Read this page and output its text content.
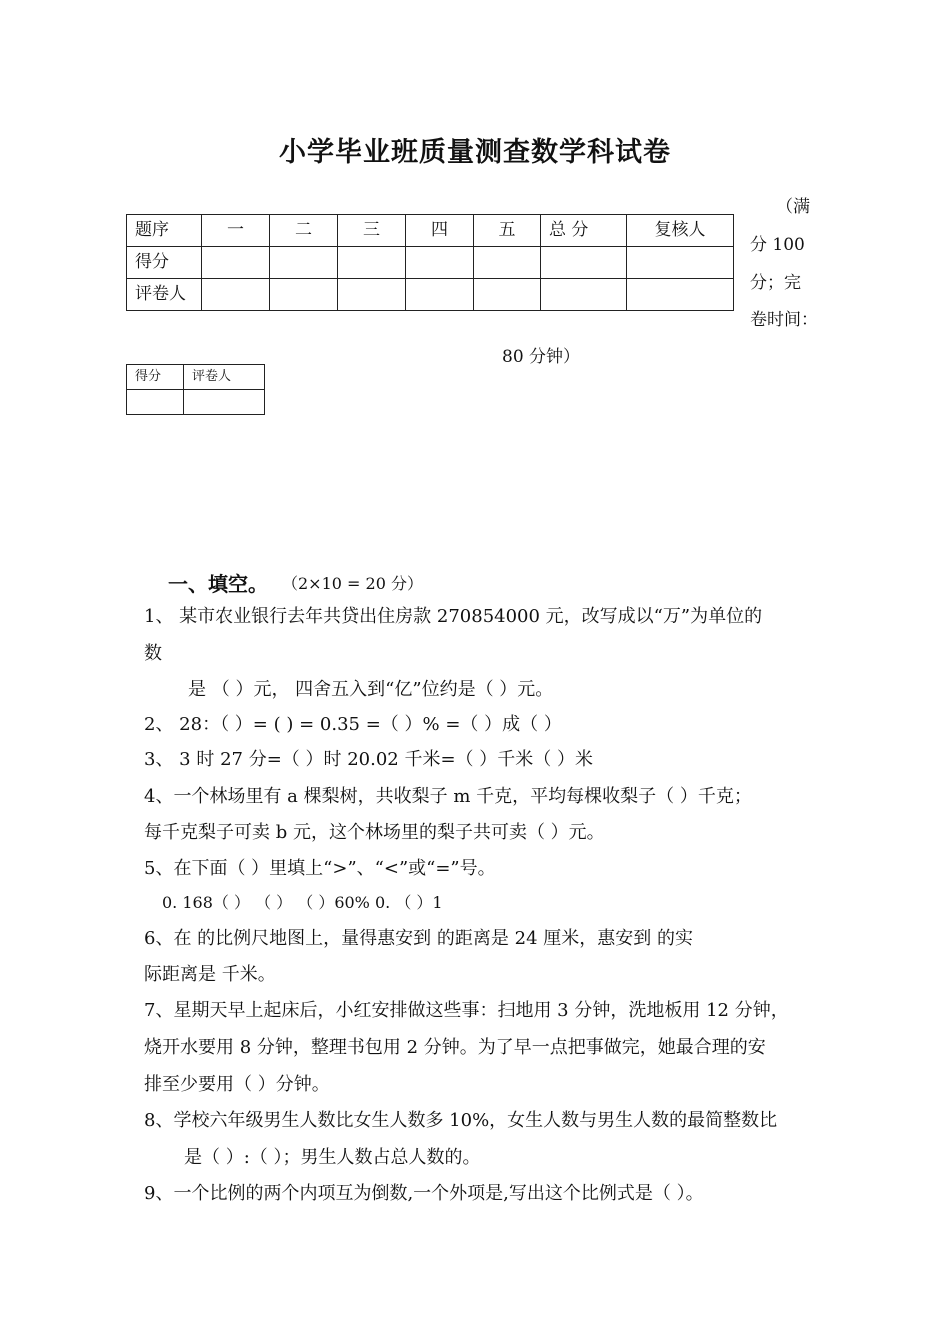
小学毕业班质量测查数学科试卷
题序	一	二	三	四	五	总 分	复核人
得分							
评卷人							
（满
分 100
分；完
卷时间：
80 分钟）
得分	评卷人

一、填空。 （2×10 = 20 分）
1、 某市农业银行去年共贷出住房款 270854000 元，改写成以“万”为单位的
数
是 （ ）元， 四舍五入到“亿”位约是（ ）元。
2、 28：（ ）= ( ) = 0.35 =（ ）% =（ ）成（ ）
3、 3 时 27 分=（ ）时 20.02 千米=（ ）千米（ ）米
4、一个林场里有 a 棵梨树，共收梨子 m 千克，平均每棵收梨子（ ）千克；
每千克梨子可卖 b 元，这个林场里的梨子共可卖（ ）元。
5、在下面（ ）里填上“>”、“<”或“=”号。
0. 168（ ） （ ） （ ）60% 0. （ ）1
6、在 的比例尺地图上，量得惠安到 的距离是 24 厘米，惠安到 的实
际距离是 千米。
7、星期天早上起床后，小红安排做这些事：扫地用 3 分钟，洗地板用 12 分钟，
烧开水要用 8 分钟，整理书包用 2 分钟。为了早一点把事做完，她最合理的安
排至少要用（ ）分钟。
8、学校六年级男生人数比女生人数多 10%，女生人数与男生人数的最简整数比
是（ ）:（ ）；男生人数占总人数的。
9、一个比例的两个内项互为倒数,一个外项是,写出这个比例式是（ ）。
